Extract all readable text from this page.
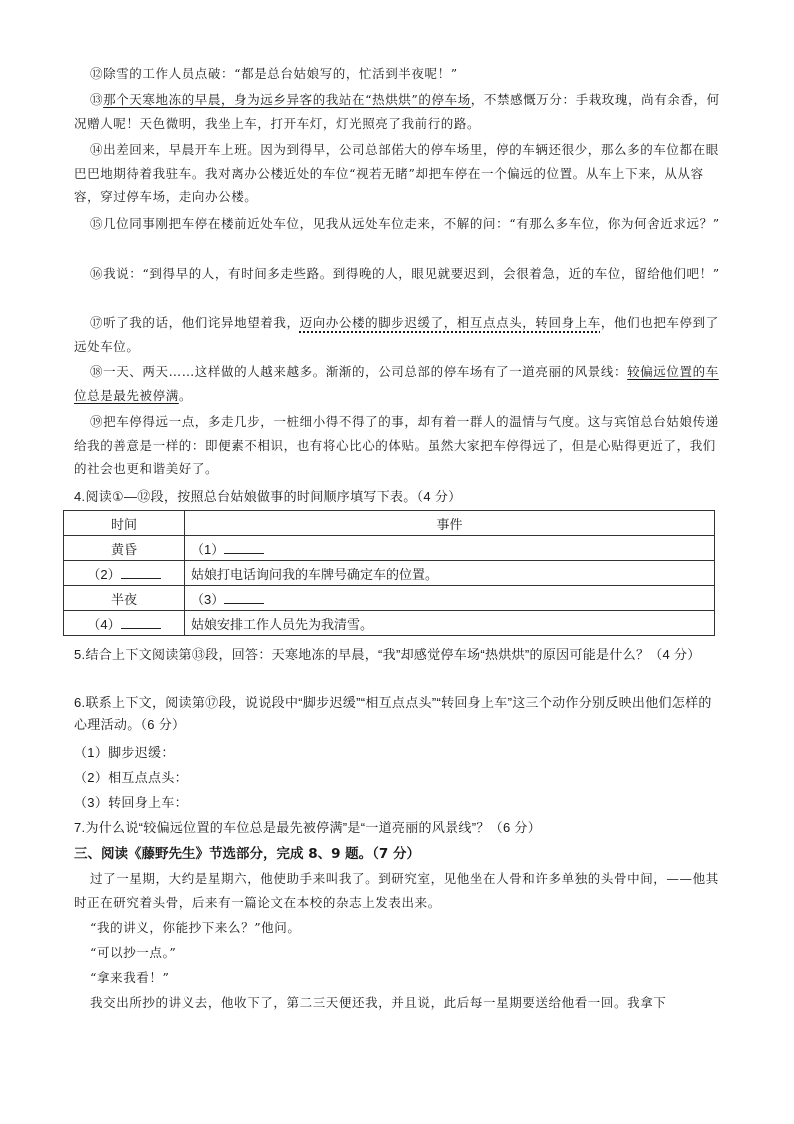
⑫除雪的工作人员点破：“都是总台姑娘写的，忙活到半夜呢！”

⑬那个天寒地冻的早晨，身为远乡异客的我站在“热烘烘”的停车场，不禁感慨万分：手栽玫瑰，尚有余香，何况赠人呢！天色微明，我坐上车，打开车灯，灯光照亮了我前行的路。

⑭出差回来，早晨开车上班。因为到得早，公司总部偌大的停车场里，停的车辆还很少，那么多的车位都在眼巴巴地期待着我驻车。我对离办公楼近处的车位“视若无睹”却把车停在一个偏远的位置。从车上下来，从从容容，穿过停车场，走向办公楼。

⑮几位同事刚把车停在楼前近处车位，见我从远处车位走来，不解的问：“有那么多车位，你为何舍近求远？”

⑯我说：“到得早的人，有时间多走些路。到得晚的人，眼见就要迟到，会很着急，近的车位，留给他们吧！”

⑰听了我的话，他们诧异地望着我，迈向办公楼的脚步迟缓了，相互点点头，转回身上车，他们也把车停到了远处车位。

⑱一天、两天……这样做的人越来越多。渐渐的，公司总部的停车场有了一道亮丽的风景线：较偏远位置的车位总是最先被停满。

⑲把车停得远一点，多走几步，一桩细小得不得了的事，却有着一群人的温情与气度。这与宾馆总台姑娘传递给我的善意是一样的：即便素不相识，也有将心比心的体贴。虽然大家把车停得远了，但是心贴得更近了，我们的社会也更和谐美好了。

4.阅读①—⑫段，按照总台姑娘做事的时间顺序填写下表。（4 分）

时间	事件
黄昏	（1）
（2）	姑娘打电话询问我的车牌号确定车的位置。
半夜	（3）
（4）	姑娘安排工作人员先为我清雪。

5.结合上下文阅读第⑬段，回答：天寒地冻的早晨，“我”却感觉停车场“热烘烘”的原因可能是什么？（4 分）

6.联系上下文，阅读第⑰段，说说段中“脚步迟缓”“相互点点头”“转回身上车”这三个动作分别反映出他们怎样的心理活动。（6 分）

（1）脚步迟缓：

（2）相互点点头：

（3）转回身上车：

7.为什么说“较偏远位置的车位总是最先被停满”是“一道亮丽的风景线”？（6 分）

三、阅读《藤野先生》节选部分，完成 8、9 题。（7 分）

过了一星期，大约是星期六，他使助手来叫我了。到研究室，见他坐在人骨和许多单独的头骨中间，——他其时正在研究着头骨，后来有一篇论文在本校的杂志上发表出来。

“我的讲义，你能抄下来么？”他问。

“可以抄一点。”

“拿来我看！”

我交出所抄的讲义去，他收下了，第二三天便还我，并且说，此后每一星期要送给他看一回。我拿下
